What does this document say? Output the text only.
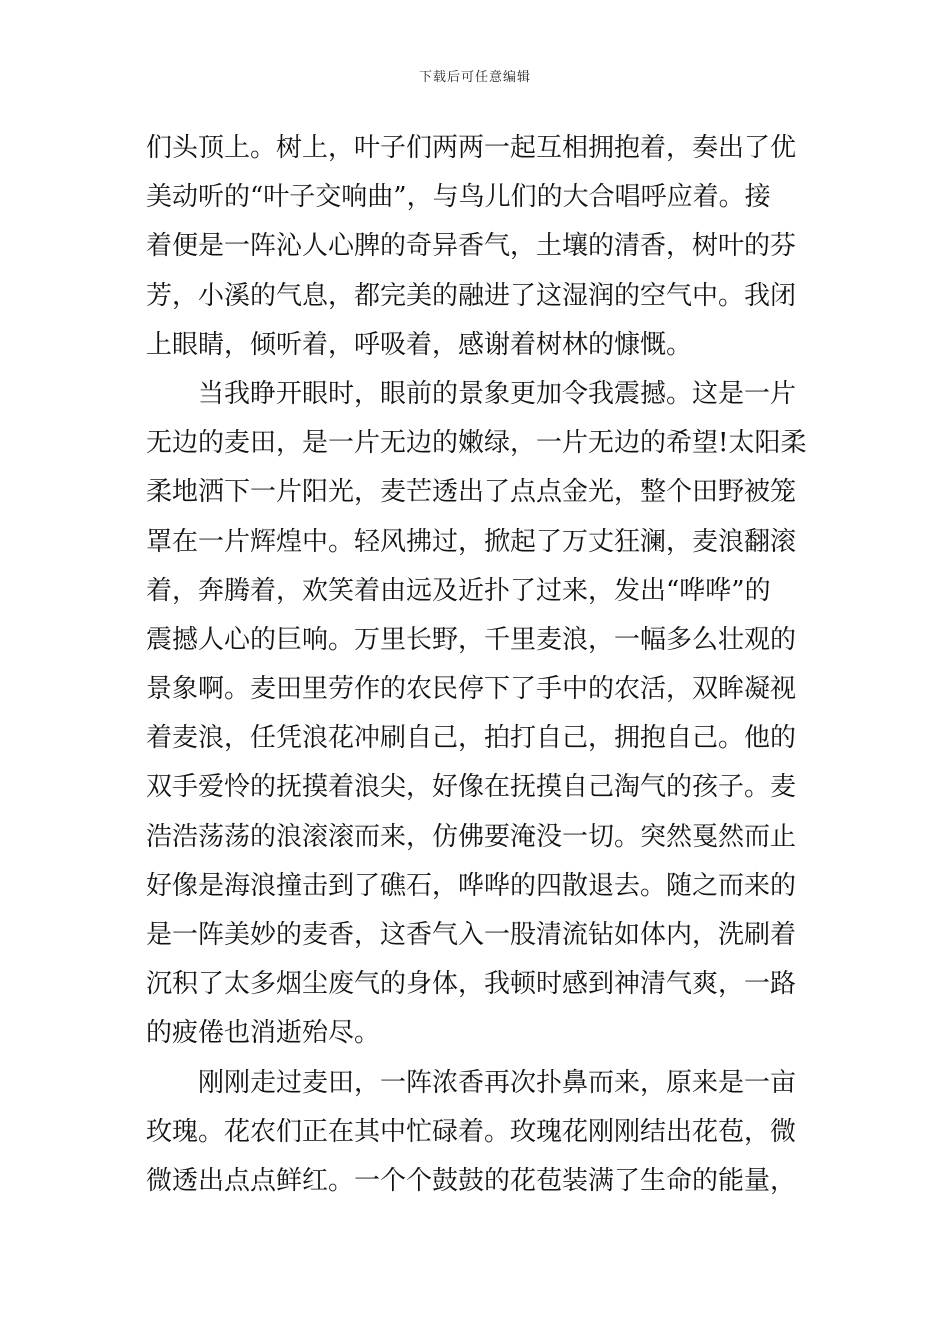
下载后可任意编辑
们头顶上。树上，叶子们两两一起互相拥抱着，奏出了优
美动听的“叶子交响曲”，与鸟儿们的大合唱呼应着。接
着便是一阵沁人心脾的奇异香气，土壤的清香，树叶的芬
芳，小溪的气息，都完美的融进了这湿润的空气中。我闭
上眼睛，倾听着，呼吸着，感谢着树林的慷慨。
当我睁开眼时，眼前的景象更加令我震撼。这是一片
无边的麦田，是一片无边的嫩绿，一片无边的希望!太阳柔
柔地洒下一片阳光，麦芒透出了点点金光，整个田野被笼
罩在一片辉煌中。轻风拂过，掀起了万丈狂澜，麦浪翻滚
着，奔腾着，欢笑着由远及近扑了过来，发出“哗哗”的
震撼人心的巨响。万里长野，千里麦浪，一幅多么壮观的
景象啊。麦田里劳作的农民停下了手中的农活，双眸凝视
着麦浪，任凭浪花冲刷自己，拍打自己，拥抱自己。他的
双手爱怜的抚摸着浪尖，好像在抚摸自己淘气的孩子。麦
浩浩荡荡的浪滚滚而来，仿佛要淹没一切。突然戛然而止
好像是海浪撞击到了礁石，哗哗的四散退去。随之而来的
是一阵美妙的麦香，这香气入一股清流钻如体内，洗刷着
沉积了太多烟尘废气的身体，我顿时感到神清气爽，一路
的疲倦也消逝殆尽。
刚刚走过麦田，一阵浓香再次扑鼻而来，原来是一亩
玫瑰。花农们正在其中忙碌着。玫瑰花刚刚结出花苞，微
微透出点点鲜红。一个个鼓鼓的花苞装满了生命的能量，
